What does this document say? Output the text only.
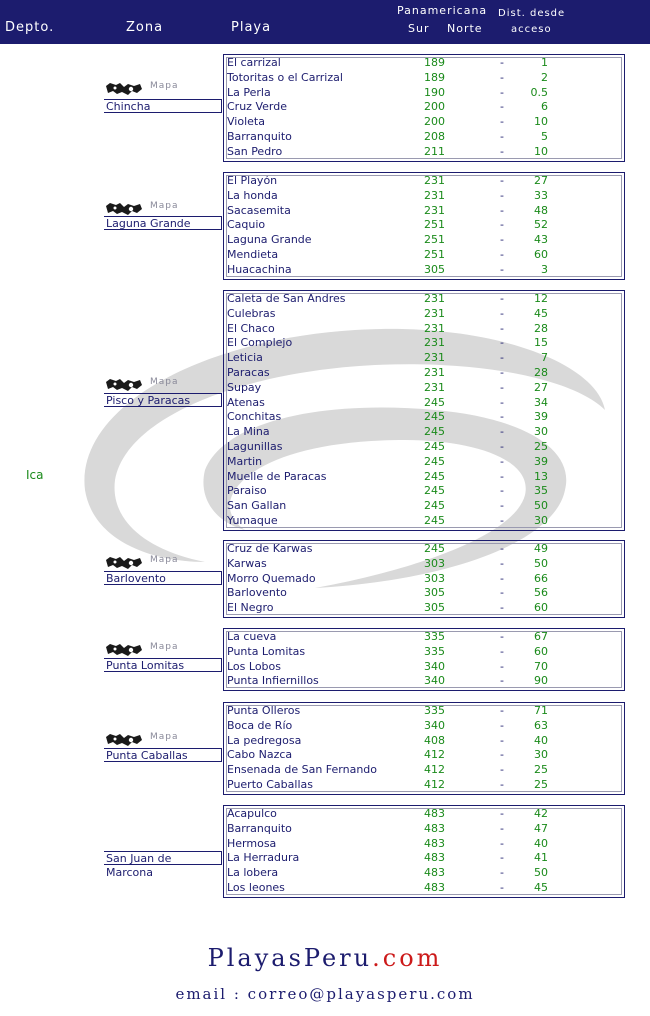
Depto.	Zona	Playa
Panamericana
Sur Norte
Dist. desde
acceso
Ica
Mapa
Chincha
El carrizal	189	-	1
Totoritas o el Carrizal	189	-	2
La Perla	190	-	0.5
Cruz Verde	200	-	6
Violeta	200	-	10
Barranquito	208	-	5
San Pedro	211	-	10
Mapa
Laguna Grande
El Playón	231	-	27
La honda	231	-	33
Sacasemita	231	-	48
Caquio	251	-	52
Laguna Grande	251	-	43
Mendieta	251	-	60
Huacachina	305	-	3
Mapa
Pisco y Paracas
Caleta de San Andres	231	-	12
Culebras	231	-	45
El Chaco	231	-	28
El Complejo	231	-	15
Leticia	231	-	7
Paracas	231	-	28
Supay	231	-	27
Atenas	245	-	34
Conchitas	245	-	39
La Mina	245	-	30
Lagunillas	245	-	25
Martin	245	-	39
Muelle de Paracas	245	-	13
Paraiso	245	-	35
San Gallan	245	-	50
Yumaque	245	-	30
Mapa
Barlovento
Cruz de Karwas	245	-	49
Karwas	303	-	50
Morro Quemado	303	-	66
Barlovento	305	-	56
El Negro	305	-	60
Mapa
Punta Lomitas
La cueva	335	-	67
Punta Lomitas	335	-	60
Los Lobos	340	-	70
Punta Infiernillos	340	-	90
Mapa
Punta Caballas
Punta Olleros	335	-	71
Boca de Río	340	-	63
La pedregosa	408	-	40
Cabo Nazca	412	-	30
Ensenada de San Fernando	412	-	25
Puerto Caballas	412	-	25
San Juan de Marcona
Acapulco	483	-	42
Barranquito	483	-	47
Hermosa	483	-	40
La Herradura	483	-	41
La lobera	483	-	50
Los leones	483	-	45
PlayasPeru.com
email : correo@playasperu.com
